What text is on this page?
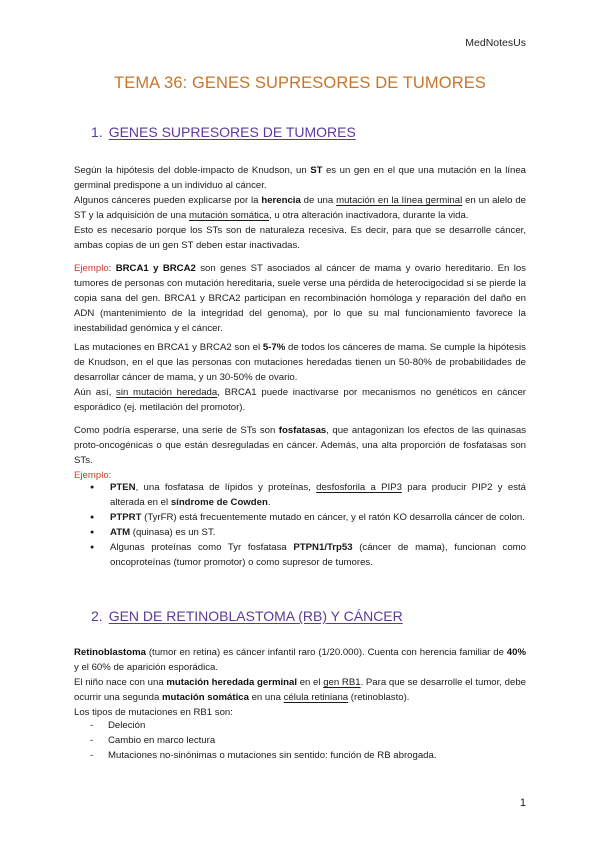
MedNotesUs
TEMA 36: GENES SUPRESORES DE TUMORES
1. GENES SUPRESORES DE TUMORES
Según la hipótesis del doble-impacto de Knudson, un ST es un gen en el que una mutación en la línea germinal predispone a un individuo al cáncer.
Algunos cánceres pueden explicarse por la herencia de una mutación en la línea germinal en un alelo de ST y la adquisición de una mutación somática, u otra alteración inactivadora, durante la vida.
Esto es necesario porque los STs son de naturaleza recesiva. Es decir, para que se desarrolle cáncer, ambas copias de un gen ST deben estar inactivadas.
Ejemplo: BRCA1 y BRCA2 son genes ST asociados al cáncer de mama y ovario hereditario. En los tumores de personas con mutación hereditaria, suele verse una pérdida de heterocigocidad si se pierde la copia sana del gen. BRCA1 y BRCA2 participan en recombinación homóloga y reparación del daño en ADN (mantenimiento de la integridad del genoma), por lo que su mal funcionamiento favorece la inestabilidad genómica y el cáncer.
Las mutaciones en BRCA1 y BRCA2 son el 5-7% de todos los cánceres de mama. Se cumple la hipótesis de Knudson, en el que las personas con mutaciones heredadas tienen un 50-80% de probabilidades de desarrollar cáncer de mama, y un 30-50% de ovario.
Aún así, sin mutación heredada, BRCA1 puede inactivarse por mecanismos no genéticos en cáncer esporádico (ej. metilación del promotor).
Como podría esperarse, una serie de STs son fosfatasas, que antagonizan los efectos de las quinasas proto-oncogénicas o que están desreguladas en cáncer. Además, una alta proporción de fosfatasas son STs.
Ejemplo:
● PTEN, una fosfatasa de lípidos y proteínas, desfosforila a PIP3 para producir PIP2 y está alterada en el síndrome de Cowden.
● PTPRT (TyrFR) está frecuentemente mutado en cáncer, y el ratón KO desarrolla cáncer de colon.
● ATM (quinasa) es un ST.
● Algunas proteínas como Tyr fosfatasa PTPN1/Trp53 (cáncer de mama), funcionan como oncoproteínas (tumor promotor) o como supresor de tumores.
2. GEN DE RETINOBLASTOMA (RB) Y CÁNCER
Retinoblastoma (tumor en retina) es cáncer infantil raro (1/20.000). Cuenta con herencia familiar de 40% y el 60% de aparición esporádica.
El niño nace con una mutación heredada germinal en el gen RB1. Para que se desarrolle el tumor, debe ocurrir una segunda mutación somática en una célula retiniana (retinoblasto).
Los tipos de mutaciones en RB1 son:
- Deleción
- Cambio en marco lectura
- Mutaciones no-sinónimas o mutaciones sin sentido: función de RB abrogada.
1
